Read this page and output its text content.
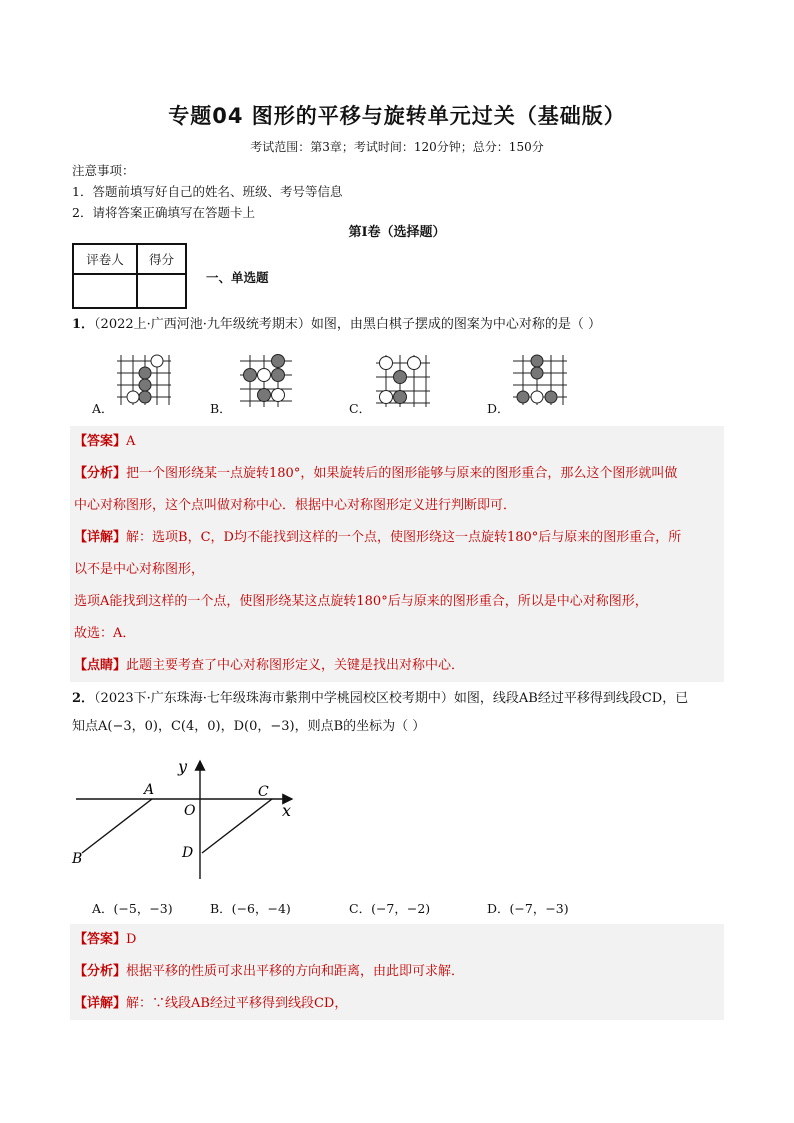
专题04 图形的平移与旋转单元过关（基础版）
考试范围：第3章；考试时间：120分钟；总分：150分
注意事项：
1．答题前填写好自己的姓名、班级、考号等信息
2．请将答案正确填写在答题卡上
第Ⅰ卷（选择题）
评卷人	得分

一、单选题
1．（2022上·广西河池·九年级统考期末）如图，由黑白棋子摆成的图案为中心对称的是（ ）
A．	B．	C．	D．
【答案】A
【分析】把一个图形绕某一点旋转180°，如果旋转后的图形能够与原来的图形重合，那么这个图形就叫做
中心对称图形，这个点叫做对称中心．根据中心对称图形定义进行判断即可．
【详解】解：选项B，C，D均不能找到这样的一个点，使图形绕这一点旋转180°后与原来的图形重合，所
以不是中心对称图形，
选项A能找到这样的一个点，使图形绕某这点旋转180°后与原来的图形重合，所以是中心对称图形，
故选：A．
【点睛】此题主要考查了中心对称图形定义，关键是找出对称中心．
2．（2023下·广东珠海·七年级珠海市紫荆中学桃园校区校考期中）如图，线段AB经过平移得到线段CD，已
知点A(−3，0)，C(4，0)，D(0，−3)，则点B的坐标为（ ）
y
x
O
A
B
C
D
A．(−5，−3)	B．(−6，−4)	C．(−7，−2)	D．(−7，−3)
【答案】D
【分析】根据平移的性质可求出平移的方向和距离，由此即可求解．
【详解】解：∵线段AB经过平移得到线段CD，
